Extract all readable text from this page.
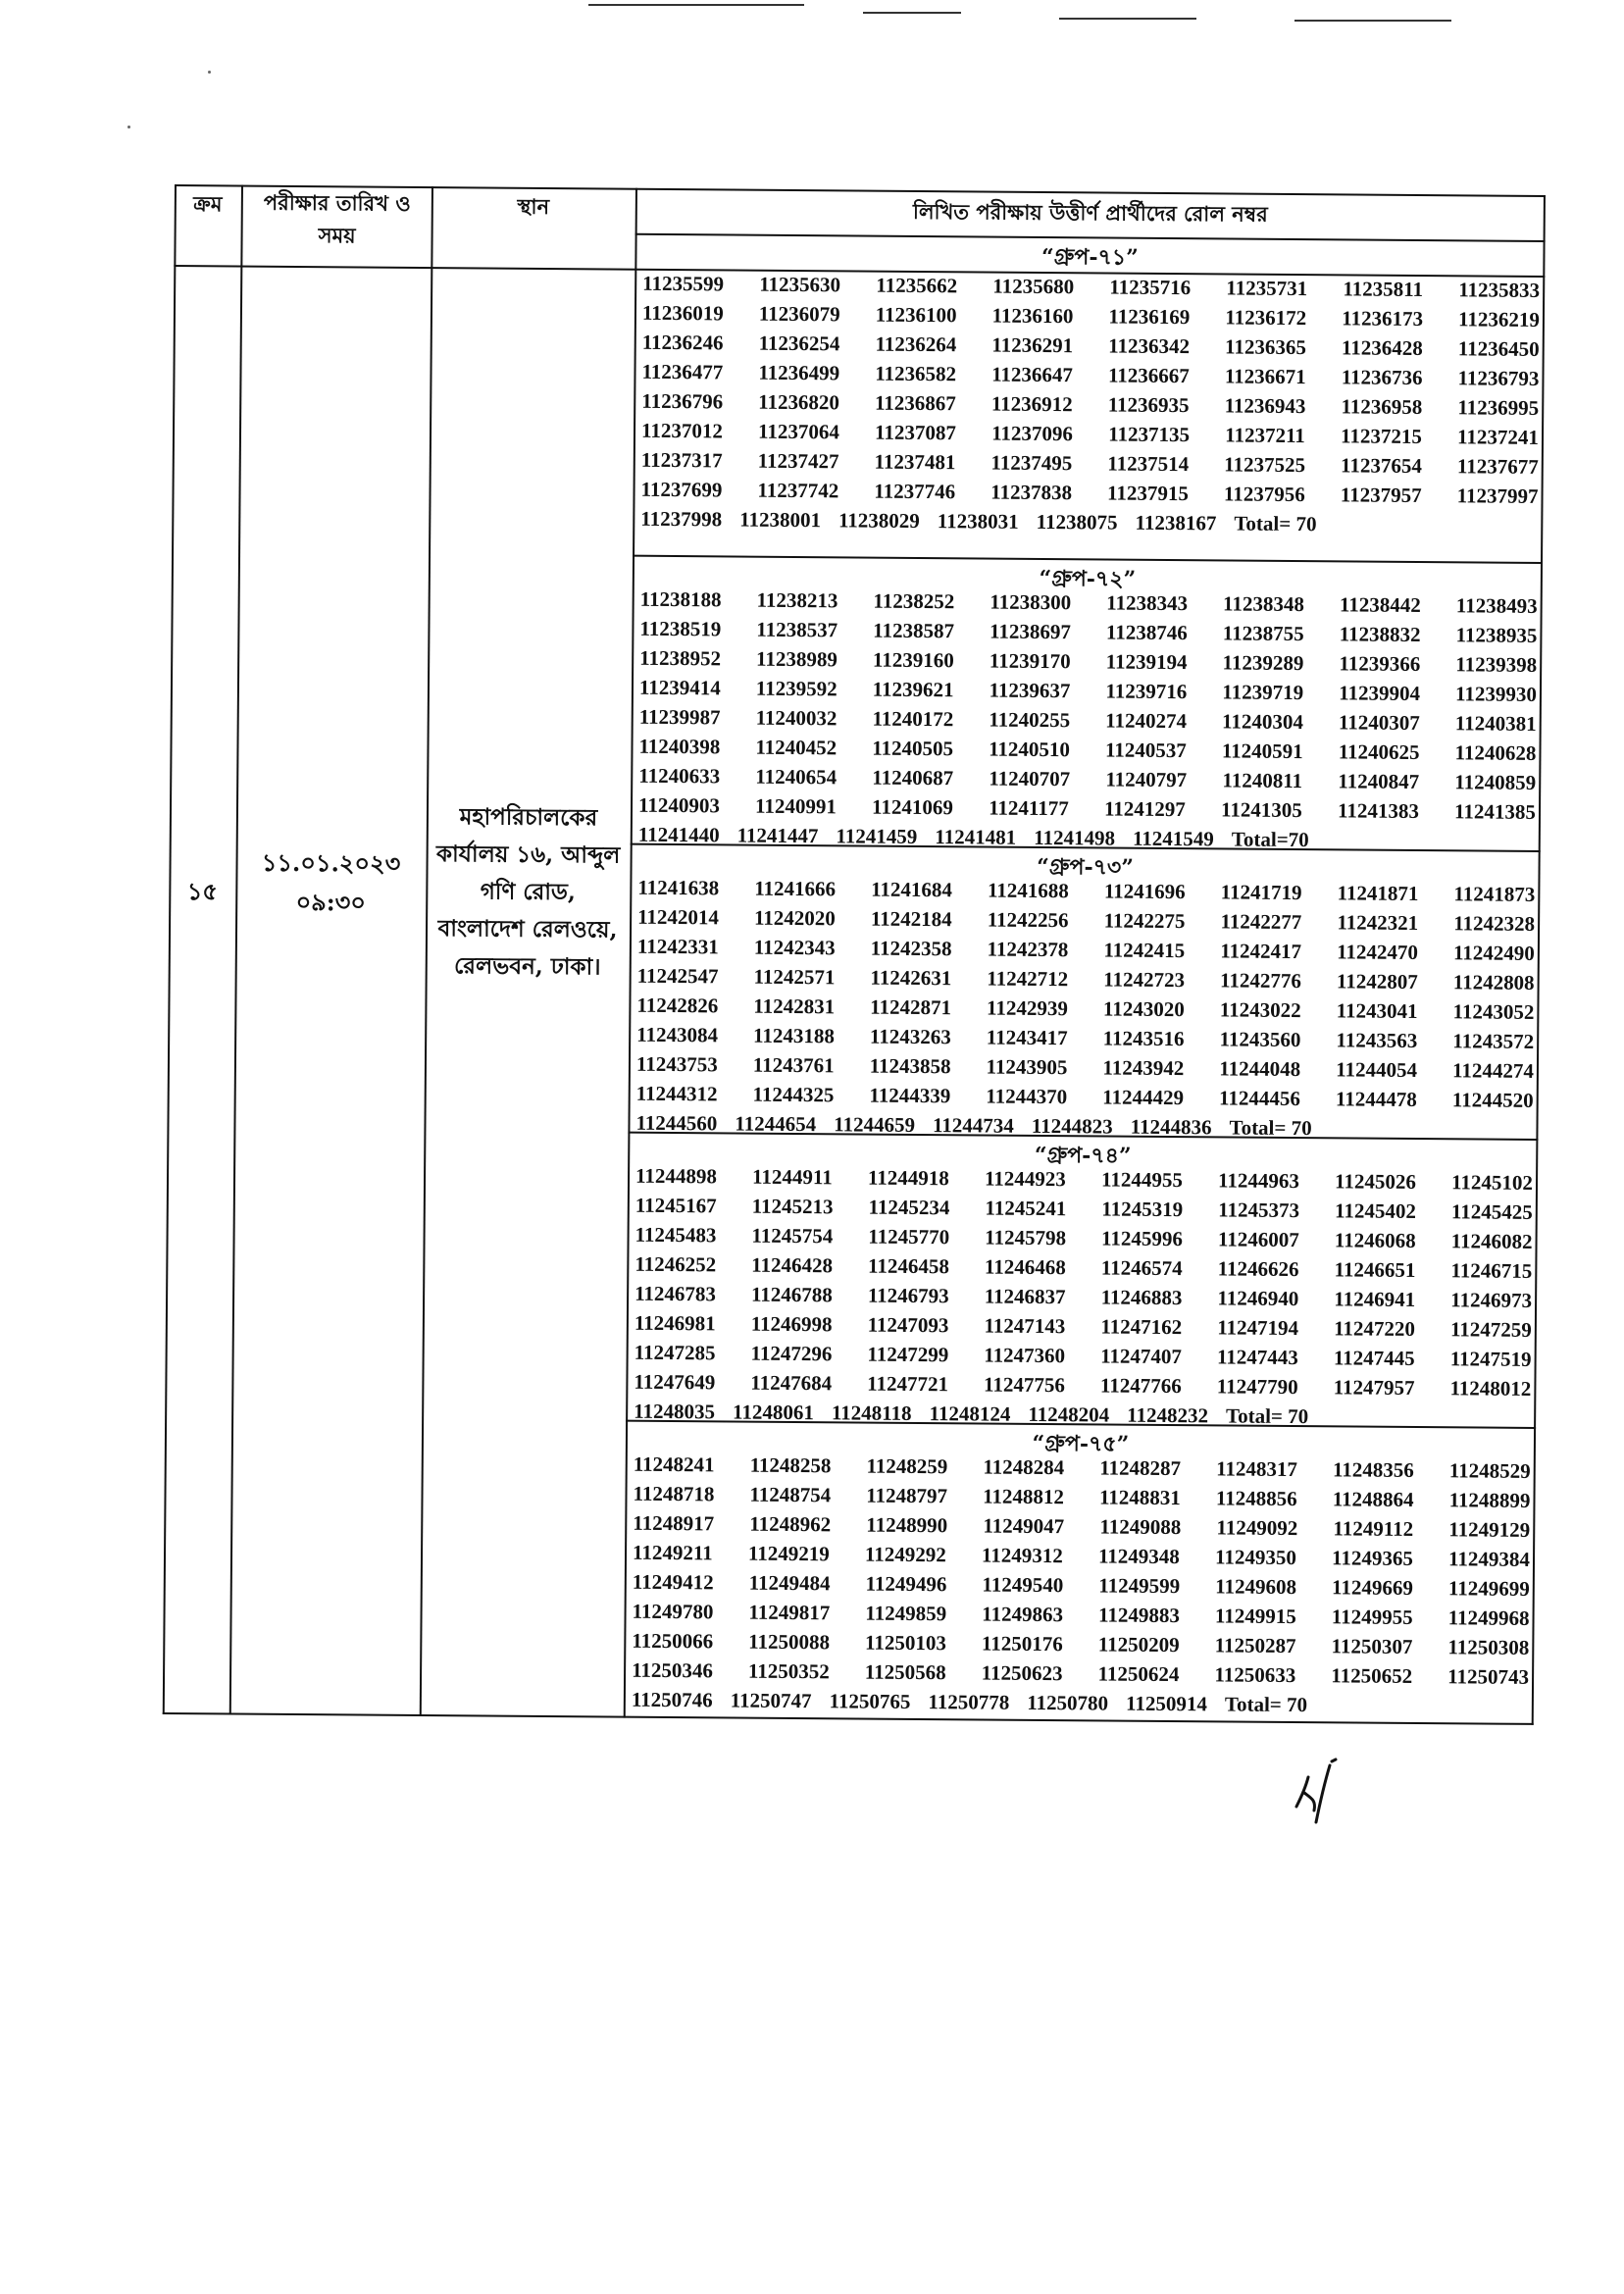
ক্রম	পরীক্ষার তারিখ ও সময়
স্থান	লিখিত পরীক্ষায় উত্তীর্ণ প্রার্থীদের রোল নম্বর
১৫
১১.০১.২০২৩
০৯:৩০
মহাপরিচালকের কার্যালয় ১৬, আব্দুল গণি রোড, বাংলাদেশ রেলওয়ে, রেলভবন, ঢাকা।
“গ্রুপ-৭১”
11235599 11235630 11235662 11235680 11235716 11235731 11235811 11235833
11236019 11236079 11236100 11236160 11236169 11236172 11236173 11236219
11236246 11236254 11236264 11236291 11236342 11236365 11236428 11236450
11236477 11236499 11236582 11236647 11236667 11236671 11236736 11236793
11236796 11236820 11236867 11236912 11236935 11236943 11236958 11236995
11237012 11237064 11237087 11237096 11237135 11237211 11237215 11237241
11237317 11237427 11237481 11237495 11237514 11237525 11237654 11237677
11237699 11237742 11237746 11237838 11237915 11237956 11237957 11237997
11237998 11238001 11238029 11238031 11238075 11238167 Total= 70
“গ্রুপ-৭২”
11238188 11238213 11238252 11238300 11238343 11238348 11238442 11238493
11238519 11238537 11238587 11238697 11238746 11238755 11238832 11238935
11238952 11238989 11239160 11239170 11239194 11239289 11239366 11239398
11239414 11239592 11239621 11239637 11239716 11239719 11239904 11239930
11239987 11240032 11240172 11240255 11240274 11240304 11240307 11240381
11240398 11240452 11240505 11240510 11240537 11240591 11240625 11240628
11240633 11240654 11240687 11240707 11240797 11240811 11240847 11240859
11240903 11240991 11241069 11241177 11241297 11241305 11241383 11241385
11241440 11241447 11241459 11241481 11241498 11241549 Total=70
“গ্রুপ-৭৩”
11241638 11241666 11241684 11241688 11241696 11241719 11241871 11241873
11242014 11242020 11242184 11242256 11242275 11242277 11242321 11242328
11242331 11242343 11242358 11242378 11242415 11242417 11242470 11242490
11242547 11242571 11242631 11242712 11242723 11242776 11242807 11242808
11242826 11242831 11242871 11242939 11243020 11243022 11243041 11243052
11243084 11243188 11243263 11243417 11243516 11243560 11243563 11243572
11243753 11243761 11243858 11243905 11243942 11244048 11244054 11244274
11244312 11244325 11244339 11244370 11244429 11244456 11244478 11244520
11244560 11244654 11244659 11244734 11244823 11244836 Total= 70
“গ্রুপ-৭৪”
11244898 11244911 11244918 11244923 11244955 11244963 11245026 11245102
11245167 11245213 11245234 11245241 11245319 11245373 11245402 11245425
11245483 11245754 11245770 11245798 11245996 11246007 11246068 11246082
11246252 11246428 11246458 11246468 11246574 11246626 11246651 11246715
11246783 11246788 11246793 11246837 11246883 11246940 11246941 11246973
11246981 11246998 11247093 11247143 11247162 11247194 11247220 11247259
11247285 11247296 11247299 11247360 11247407 11247443 11247445 11247519
11247649 11247684 11247721 11247756 11247766 11247790 11247957 11248012
11248035 11248061 11248118 11248124 11248204 11248232 Total= 70
“গ্রুপ-৭৫”
11248241 11248258 11248259 11248284 11248287 11248317 11248356 11248529
11248718 11248754 11248797 11248812 11248831 11248856 11248864 11248899
11248917 11248962 11248990 11249047 11249088 11249092 11249112 11249129
11249211 11249219 11249292 11249312 11249348 11249350 11249365 11249384
11249412 11249484 11249496 11249540 11249599 11249608 11249669 11249699
11249780 11249817 11249859 11249863 11249883 11249915 11249955 11249968
11250066 11250088 11250103 11250176 11250209 11250287 11250307 11250308
11250346 11250352 11250568 11250623 11250624 11250633 11250652 11250743
11250746 11250747 11250765 11250778 11250780 11250914 Total= 70
